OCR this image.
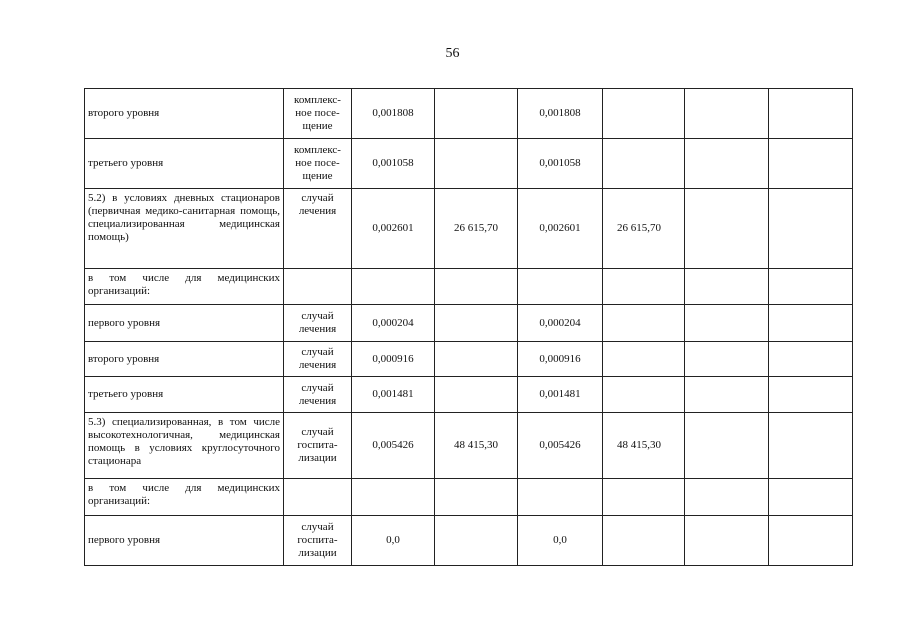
56
второго уровня	комплекс-
ное посе-
щение	0,001808		0,001808			
третьего уровня	комплекс-
ное посе-
щение	0,001058		0,001058			
5.2) в условиях дневных стационаров (первичная медико-санитарная помощь, специализированная медицинская помощь)	случай
лечения	0,002601	26 615,70	0,002601	26 615,70		
в том числе для медицинских организаций:							
первого уровня	случай
лечения	0,000204		0,000204			
второго уровня	случай
лечения	0,000916		0,000916			
третьего уровня	случай
лечения	0,001481		0,001481			
5.3) специализированная, в том числе высокотехнологичная, медицинская помощь в условиях круглосуточного стационара	случай
госпита-
лизации	0,005426	48 415,30	0,005426	48 415,30		
в том числе для медицинских организаций:							
первого уровня	случай
госпита-
лизации	0,0		0,0			
